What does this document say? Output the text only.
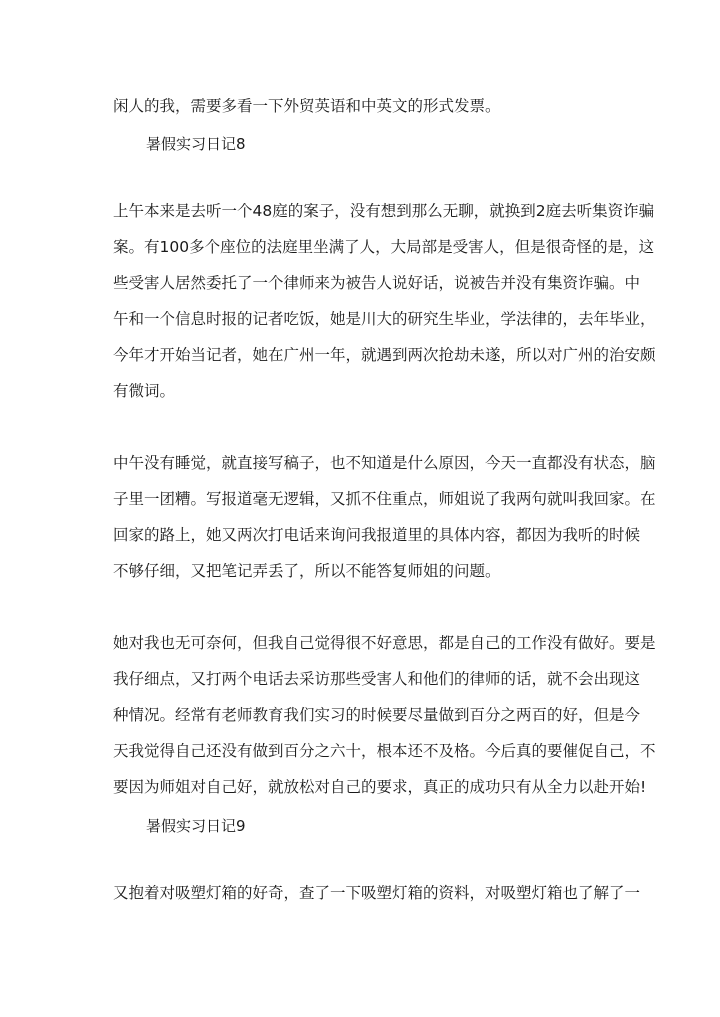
闲人的我，需要多看一下外贸英语和中英文的形式发票。
暑假实习日记8
上午本来是去听一个48庭的案子，没有想到那么无聊，就换到2庭去听集资诈骗
案。有100多个座位的法庭里坐满了人，大局部是受害人，但是很奇怪的是，这
些受害人居然委托了一个律师来为被告人说好话，说被告并没有集资诈骗。中
午和一个信息时报的记者吃饭，她是川大的研究生毕业，学法律的，去年毕业，
今年才开始当记者，她在广州一年，就遇到两次抢劫未遂，所以对广州的治安颇
有微词。
中午没有睡觉，就直接写稿子，也不知道是什么原因，今天一直都没有状态，脑
子里一团糟。写报道毫无逻辑，又抓不住重点，师姐说了我两句就叫我回家。在
回家的路上，她又两次打电话来询问我报道里的具体内容，都因为我听的时候
不够仔细，又把笔记弄丢了，所以不能答复师姐的问题。
她对我也无可奈何，但我自己觉得很不好意思，都是自己的工作没有做好。要是
我仔细点，又打两个电话去采访那些受害人和他们的律师的话，就不会出现这
种情况。经常有老师教育我们实习的时候要尽量做到百分之两百的好，但是今
天我觉得自己还没有做到百分之六十，根本还不及格。今后真的要催促自己，不
要因为师姐对自己好，就放松对自己的要求，真正的成功只有从全力以赴开始!
暑假实习日记9
又抱着对吸塑灯箱的好奇，查了一下吸塑灯箱的资料，对吸塑灯箱也了解了一
